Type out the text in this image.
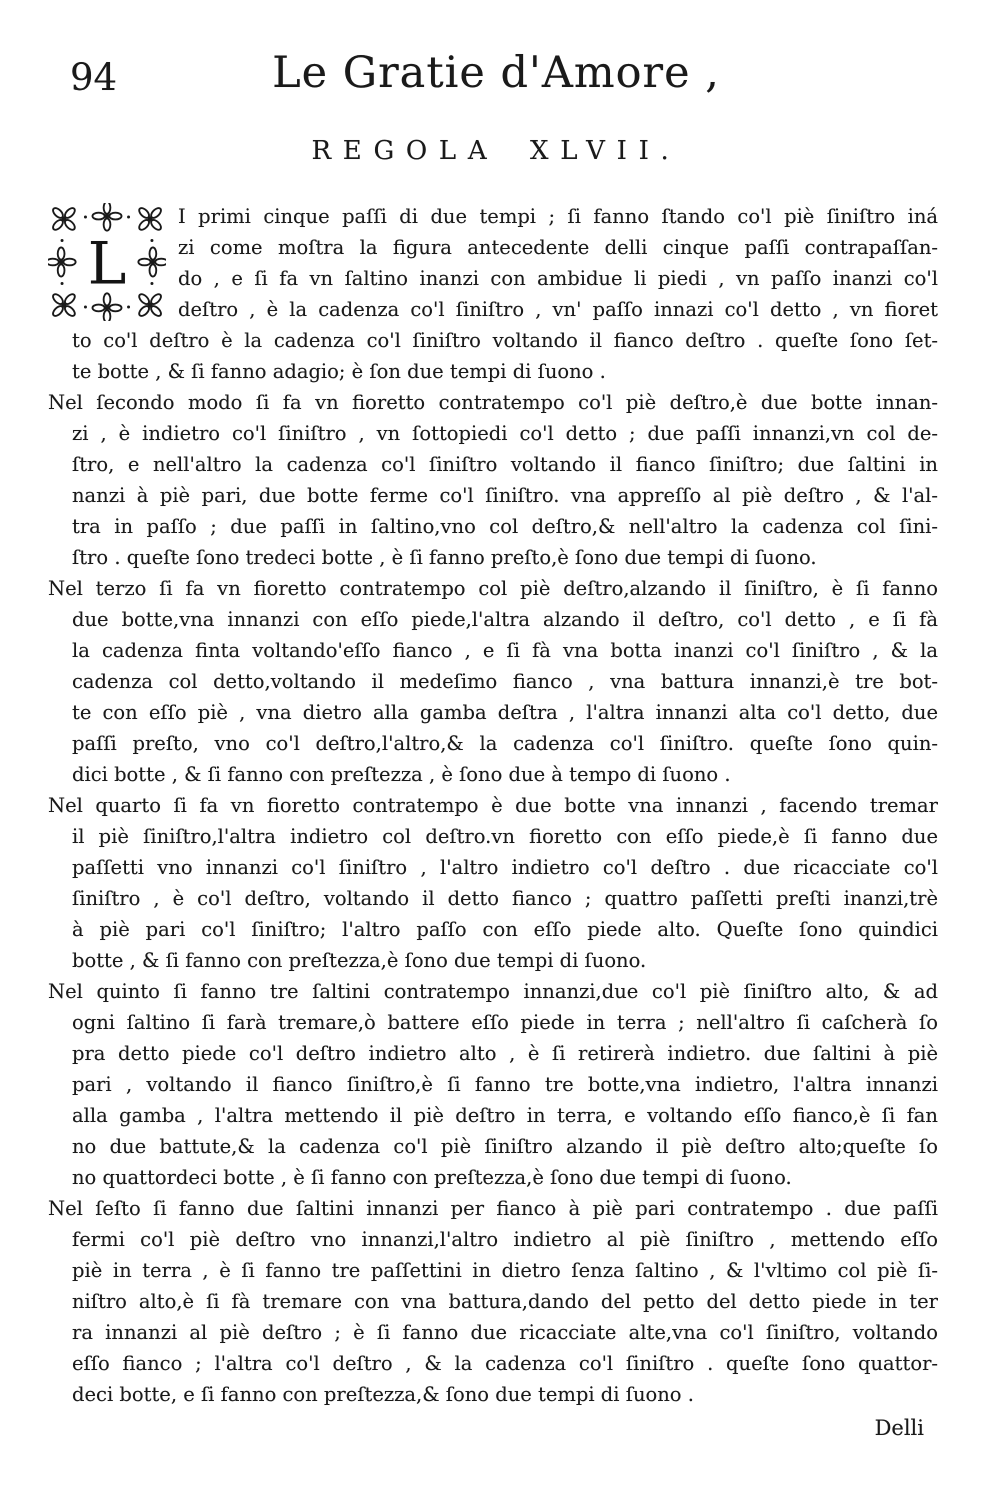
94	Le Gratie d'Amore ,
REGOLA XLVII.
L
I primi cinque paſſi di due tempi ; ſi fanno ſtando co'l piè ſiniſtro iná
zi come moſtra la figura antecedente delli cinque paſſi contrapaſſan-
do , e ſi fa vn ſaltino inanzi con ambidue li piedi , vn paſſo inanzi co'l
deſtro , è la cadenza co'l ſiniſtro , vn' paſſo innazi co'l detto , vn fioret
to co'l deſtro è la cadenza co'l ſiniſtro voltando il fianco deſtro . queſte ſono ſet-
te botte , & ſi fanno adagio; è ſon due tempi di ſuono .
Nel ſecondo modo ſi fa vn fioretto contratempo co'l piè deſtro,è due botte innan-
zi , è indietro co'l ſiniſtro , vn ſottopiedi co'l detto ; due paſſi innanzi,vn col de-
ſtro, e nell'altro la cadenza co'l ſiniſtro voltando il fianco ſiniſtro; due ſaltini in
nanzi à piè pari, due botte ferme co'l ſiniſtro. vna appreſſo al piè deſtro , & l'al-
tra in paſſo ; due paſſi in ſaltino,vno col deſtro,& nell'altro la cadenza col ſini-
ſtro . queſte ſono tredeci botte , è ſi fanno preſto,è ſono due tempi di ſuono.
Nel terzo ſi fa vn fioretto contratempo col piè deſtro,alzando il ſiniſtro, è ſi fanno
due botte,vna innanzi con eſſo piede,l'altra alzando il deſtro, co'l detto , e ſi fà
la cadenza finta voltando'eſſo fianco , e ſi fà vna botta inanzi co'l ſiniſtro , & la
cadenza col detto,voltando il medeſimo fianco , vna battura innanzi,è tre bot-
te con eſſo piè , vna dietro alla gamba deſtra , l'altra innanzi alta co'l detto, due
paſſi preſto, vno co'l deſtro,l'altro,& la cadenza co'l ſiniſtro. queſte ſono quin-
dici botte , & ſi fanno con preſtezza , è ſono due à tempo di ſuono .
Nel quarto ſi fa vn fioretto contratempo è due botte vna innanzi , facendo tremar
il piè ſiniſtro,l'altra indietro col deſtro.vn fioretto con eſſo piede,è ſi fanno due
paſſetti vno innanzi co'l ſiniſtro , l'altro indietro co'l deſtro . due ricacciate co'l
ſiniſtro , è co'l deſtro, voltando il detto fianco ; quattro paſſetti preſti inanzi,trè
à piè pari co'l ſiniſtro; l'altro paſſo con eſſo piede alto. Queſte ſono quindici
botte , & ſi fanno con preſtezza,è ſono due tempi di ſuono.
Nel quinto ſi fanno tre ſaltini contratempo innanzi,due co'l piè ſiniſtro alto, & ad
ogni ſaltino ſi farà tremare,ò battere eſſo piede in terra ; nell'altro ſi caſcherà ſo
pra detto piede co'l deſtro indietro alto , è ſi retirerà indietro. due ſaltini à piè
pari , voltando il fianco ſiniſtro,è ſi fanno tre botte,vna indietro, l'altra innanzi
alla gamba , l'altra mettendo il piè deſtro in terra, e voltando eſſo fianco,è ſi fan
no due battute,& la cadenza co'l piè ſiniſtro alzando il piè deſtro alto;queſte ſo
no quattordeci botte , è ſi fanno con preſtezza,è ſono due tempi di ſuono.
Nel ſeſto ſi fanno due ſaltini innanzi per fianco à piè pari contratempo . due paſſi
fermi co'l piè deſtro vno innanzi,l'altro indietro al piè ſiniſtro , mettendo eſſo
piè in terra , è ſi fanno tre paſſettini in dietro ſenza ſaltino , & l'vltimo col piè ſi-
niſtro alto,è ſi fà tremare con vna battura,dando del petto del detto piede in ter
ra innanzi al piè deſtro ; è ſi fanno due ricacciate alte,vna co'l ſiniſtro, voltando
eſſo fianco ; l'altra co'l deſtro , & la cadenza co'l ſiniſtro . queſte ſono quattor-
deci botte, e ſi fanno con preſtezza,& ſono due tempi di ſuono .
Delli
